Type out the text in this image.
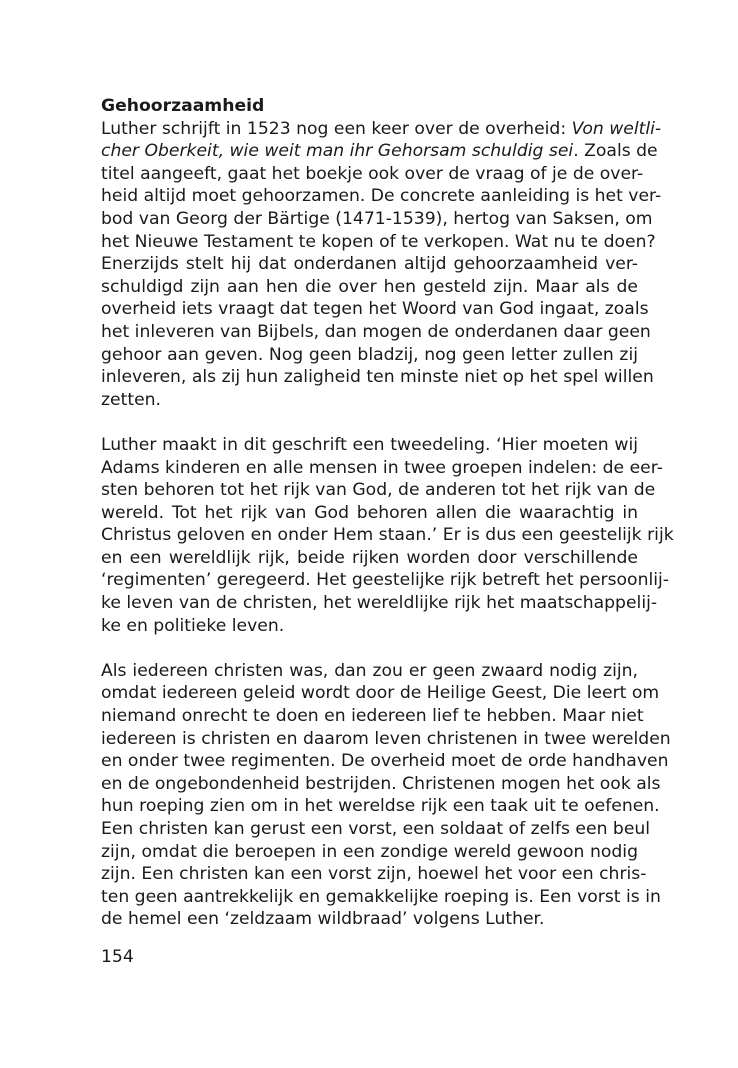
Gehoorzaamheid
Luther schrijft in 1523 nog een keer over de overheid: Von weltli-
cher Oberkeit, wie weit man ihr Gehorsam schuldig sei. Zoals de
titel aangeeft, gaat het boekje ook over de vraag of je de over-
heid altijd moet gehoorzamen. De concrete aanleiding is het ver-
bod van Georg der Bärtige (1471-1539), hertog van Saksen, om
het Nieuwe Testament te kopen of te verkopen. Wat nu te doen?
Enerzijds stelt hij dat onderdanen altijd gehoorzaamheid ver-
schuldigd zijn aan hen die over hen gesteld zijn. Maar als de
overheid iets vraagt dat tegen het Woord van God ingaat, zoals
het inleveren van Bijbels, dan mogen de onderdanen daar geen
gehoor aan geven. Nog geen bladzij, nog geen letter zullen zij
inleveren, als zij hun zaligheid ten minste niet op het spel willen
zetten.
Luther maakt in dit geschrift een tweedeling. ‘Hier moeten wij
Adams kinderen en alle mensen in twee groepen indelen: de eer-
sten behoren tot het rijk van God, de anderen tot het rijk van de
wereld. Tot het rijk van God behoren allen die waarachtig in
Christus geloven en onder Hem staan.’ Er is dus een geestelijk rijk
en een wereldlijk rijk, beide rijken worden door verschillende
‘regimenten’ geregeerd. Het geestelijke rijk betreft het persoonlij-
ke leven van de christen, het wereldlijke rijk het maatschappelij-
ke en politieke leven.
Als iedereen christen was, dan zou er geen zwaard nodig zijn,
omdat iedereen geleid wordt door de Heilige Geest, Die leert om
niemand onrecht te doen en iedereen lief te hebben. Maar niet
iedereen is christen en daarom leven christenen in twee werelden
en onder twee regimenten. De overheid moet de orde handhaven
en de ongebondenheid bestrijden. Christenen mogen het ook als
hun roeping zien om in het wereldse rijk een taak uit te oefenen.
Een christen kan gerust een vorst, een soldaat of zelfs een beul
zijn, omdat die beroepen in een zondige wereld gewoon nodig
zijn. Een christen kan een vorst zijn, hoewel het voor een chris-
ten geen aantrekkelijk en gemakkelijke roeping is. Een vorst is in
de hemel een ‘zeldzaam wildbraad’ volgens Luther.
154
